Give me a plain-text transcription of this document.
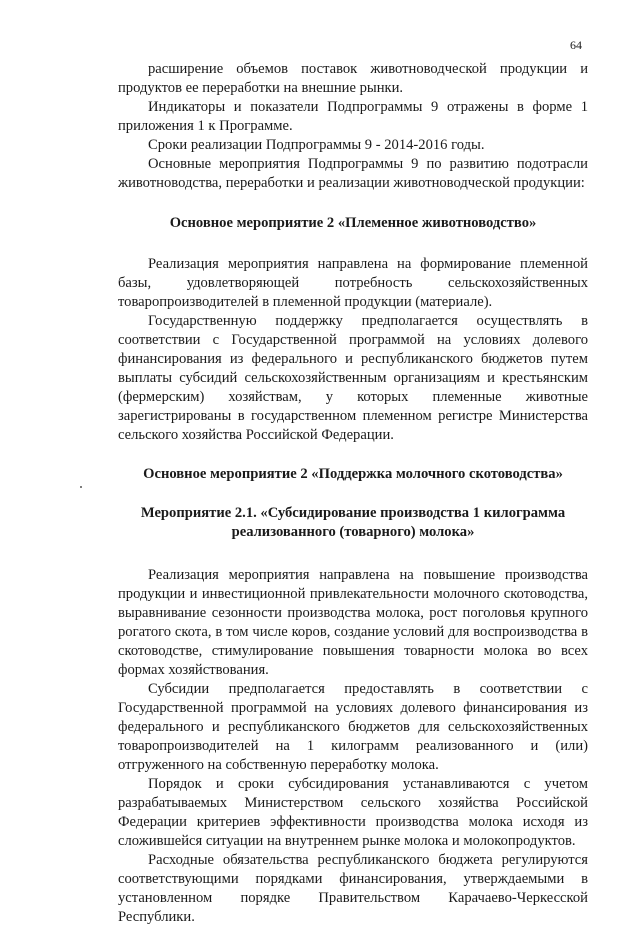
64

расширение объемов поставок животноводческой продукции и продуктов ее переработки на внешние рынки.

Индикаторы и показатели Подпрограммы 9 отражены в форме 1 приложения 1 к Программе.

Сроки реализации Подпрограммы 9 - 2014-2016 годы.

Основные мероприятия Подпрограммы 9 по развитию подотрасли животноводства, переработки и реализации животноводческой продукции:

Основное мероприятие 2 «Племенное животноводство»

Реализация мероприятия направлена на формирование племенной базы, удовлетворяющей потребность сельскохозяйственных товаропроизводителей в племенной продукции (материале).

Государственную поддержку предполагается осуществлять в соответствии с Государственной программой на условиях долевого финансирования из федерального и республиканского бюджетов путем выплаты субсидий сельскохозяйственным организациям и крестьянским (фермерским) хозяйствам, у которых племенные животные зарегистрированы в государственном племенном регистре Министерства сельского хозяйства Российской Федерации.

Основное мероприятие 2 «Поддержка молочного скотоводства»
Мероприятие 2.1. «Субсидирование производства 1 килограмма
реализованного (товарного) молока»

Реализация мероприятия направлена на повышение производства продукции и инвестиционной привлекательности молочного скотоводства, выравнивание сезонности производства молока, рост поголовья крупного рогатого скота, в том числе коров, создание условий для воспроизводства в скотоводстве, стимулирование повышения товарности молока во всех формах хозяйствования.

Субсидии предполагается предоставлять в соответствии с Государственной программой на условиях долевого финансирования из федерального и республиканского бюджетов для сельскохозяйственных товаропроизводителей на 1 килограмм реализованного и (или) отгруженного на собственную переработку молока.

Порядок и сроки субсидирования устанавливаются с учетом разрабатываемых Министерством сельского хозяйства Российской Федерации критериев эффективности производства молока исходя из сложившейся ситуации на внутреннем рынке молока и молокопродуктов.

Расходные обязательства республиканского бюджета регулируются соответствующими порядками финансирования, утверждаемыми в установленном порядке Правительством Карачаево-Черкесской Республики.
